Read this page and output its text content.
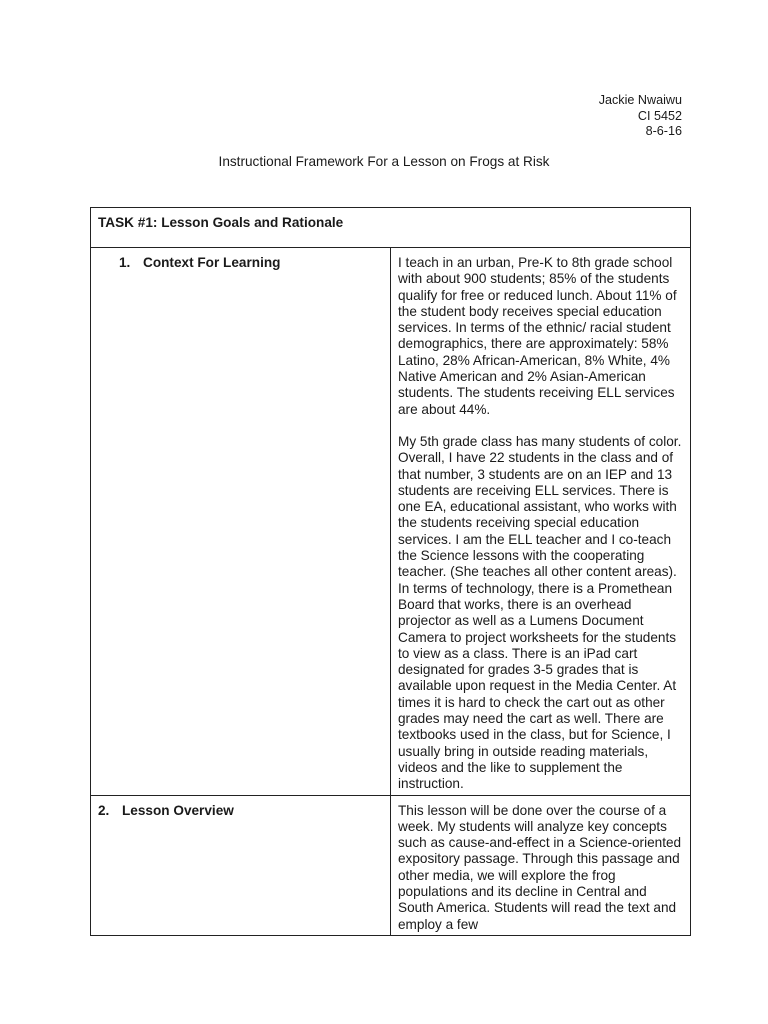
Jackie Nwaiwu
CI 5452
8-6-16
Instructional Framework For a Lesson on Frogs at Risk
TASK #1: Lesson Goals and Rationale	

1. Context For Learning	I teach in an urban, Pre-K to 8th grade school with about 900 students; 85% of the students qualify for free or reduced lunch. About 11% of the student body receives special education services. In terms of the ethnic/ racial student demographics, there are approximately: 58% Latino, 28% African-American, 8% White, 4% Native American and 2% Asian-American students. The students receiving ELL services are about 44%.

My 5th grade class has many students of color. Overall, I have 22 students in the class and of that number, 3 students are on an IEP and 13 students are receiving ELL services. There is one EA, educational assistant, who works with the students receiving special education services. I am the ELL teacher and I co-teach the Science lessons with the cooperating teacher. (She teaches all other content areas). In terms of technology, there is a Promethean Board that works, there is an overhead projector as well as a Lumens Document Camera to project worksheets for the students to view as a class. There is an iPad cart designated for grades 3-5 grades that is available upon request in the Media Center. At times it is hard to check the cart out as other grades may need the cart as well. There are textbooks used in the class, but for Science, I usually bring in outside reading materials, videos and the like to supplement the instruction.

2. Lesson Overview	This lesson will be done over the course of a week. My students will analyze key concepts such as cause-and-effect in a Science-oriented expository passage. Through this passage and other media, we will explore the frog populations and its decline in Central and South America. Students will read the text and employ a few
